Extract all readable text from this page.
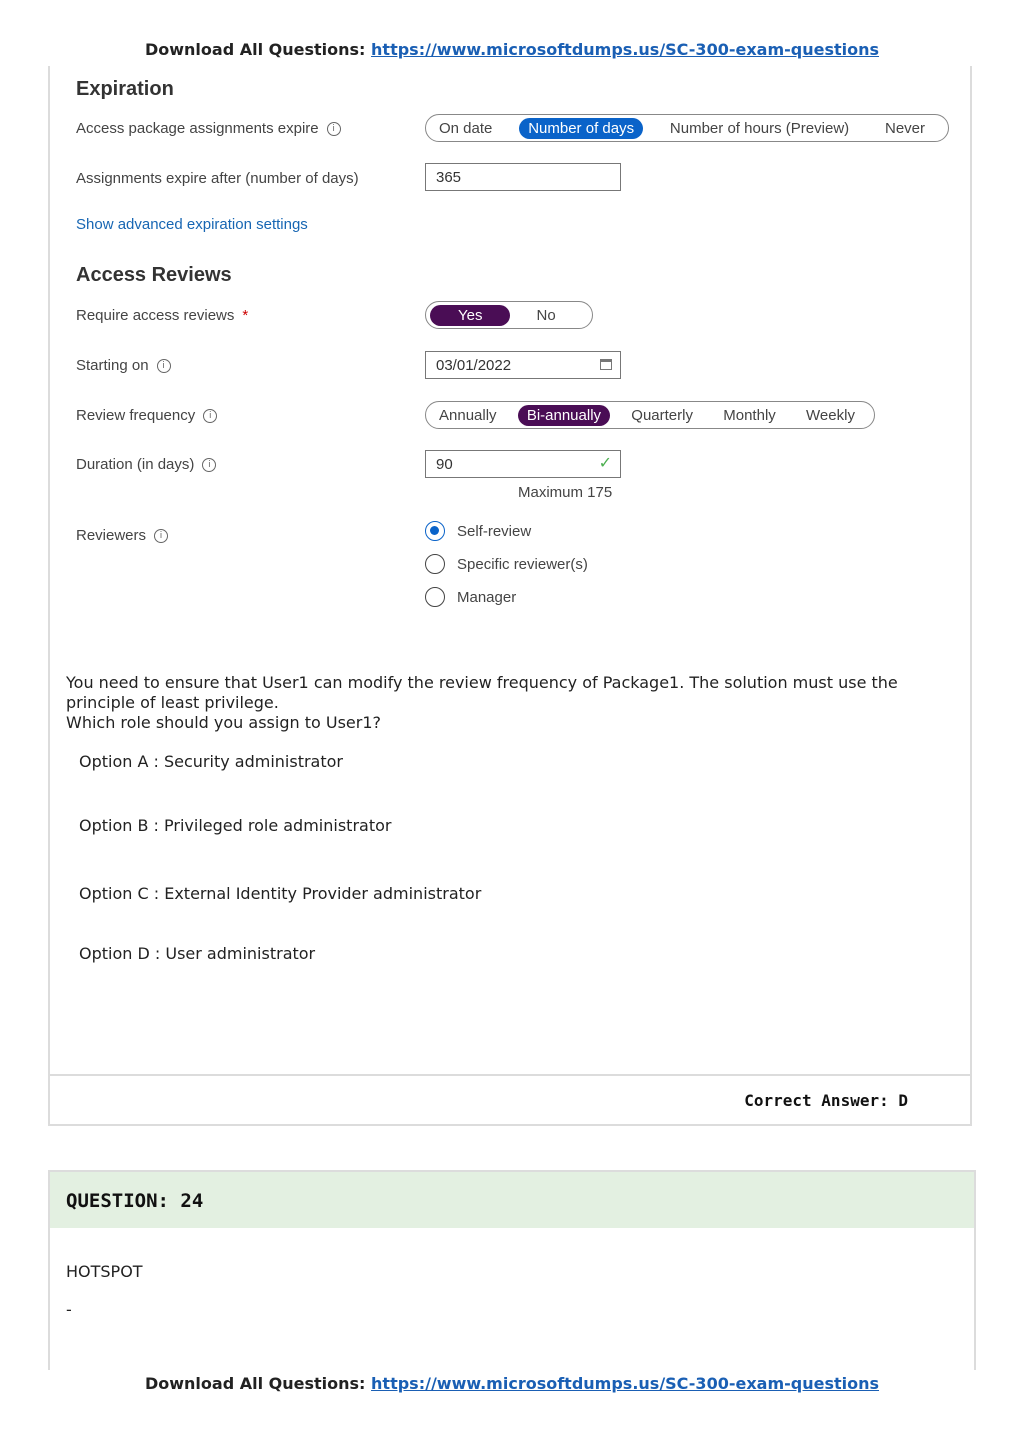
Download All Questions: https://www.microsoftdumps.us/SC-300-exam-questions
Expiration
Access package assignments expire	i	On date	Number of days	Number of hours (Preview)	Never
Assignments expire after (number of days)	365
Show advanced expiration settings
Access Reviews
Require access reviews *	Yes	No
Starting on	i	03/01/2022
Review frequency	i	Annually	Bi-annually	Quarterly	Monthly	Weekly
Duration (in days)	i	90	✓
Maximum 175
Reviewers	i	Self-review
Specific reviewer(s)
Manager
You need to ensure that User1 can modify the review frequency of Package1. The solution must use the principle of least privilege.
Which role should you assign to User1?
Option A : Security administrator
Option B : Privileged role administrator
Option C : External Identity Provider administrator
Option D : User administrator
Correct Answer: D
QUESTION: 24
HOTSPOT
-
Download All Questions: https://www.microsoftdumps.us/SC-300-exam-questions
